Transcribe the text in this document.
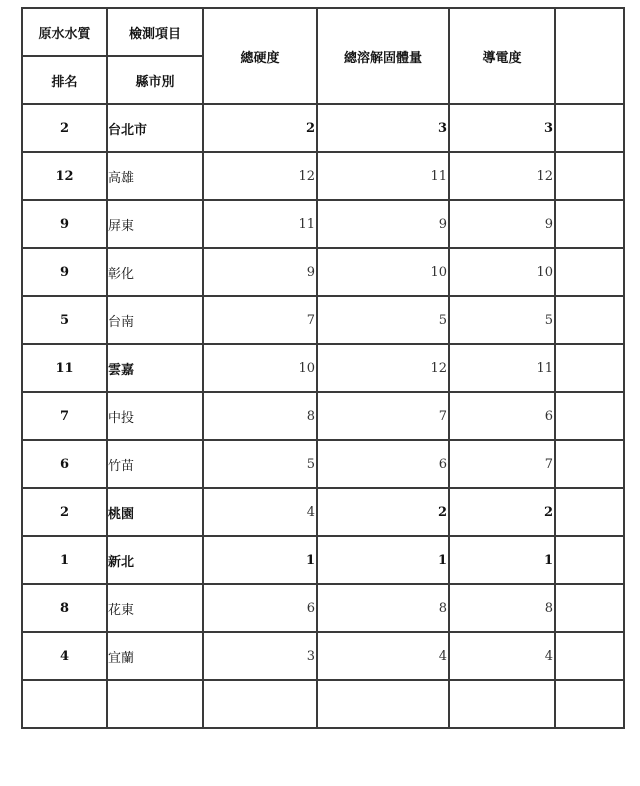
原水水質	檢測項目	總硬度	總溶解固體量	導電度	
排名	縣市別				
2	台北市	2	3	3	
12	高雄	12	11	12	
9	屏東	11	9	9	
9	彰化	9	10	10	
5	台南	7	5	5	
11	雲嘉	10	12	11	
7	中投	8	7	6	
6	竹苗	5	6	7	
2	桃園	4	2	2	
1	新北	1	1	1	
8	花東	6	8	8	
4	宜蘭	3	4	4	
